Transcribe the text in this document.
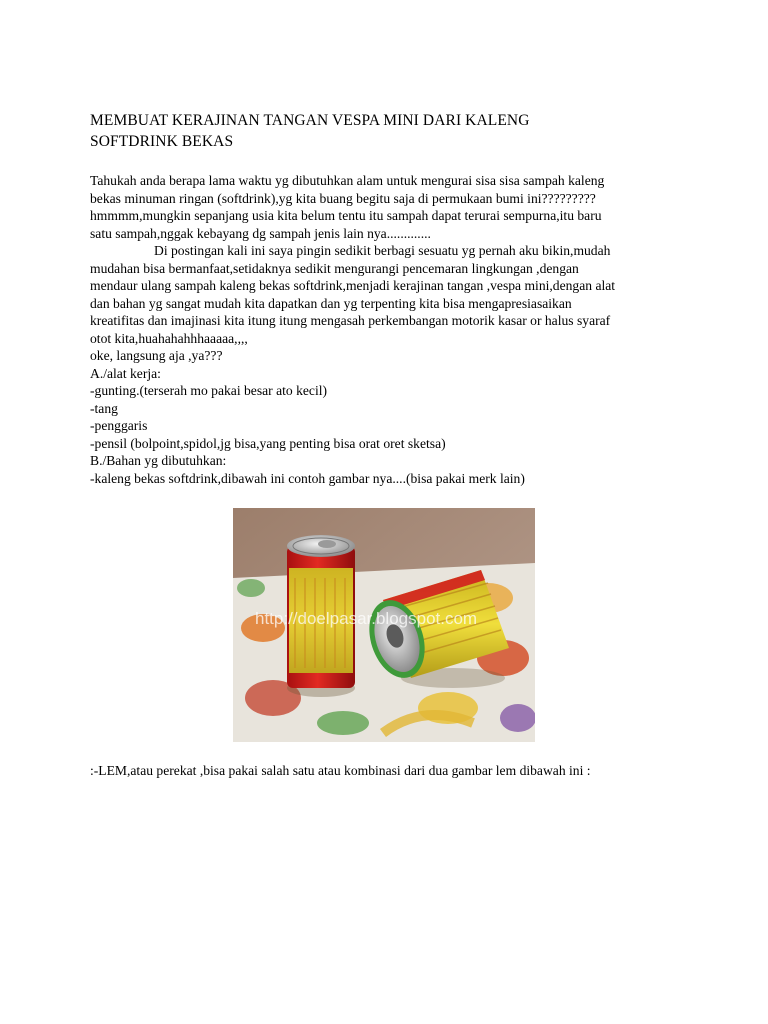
MEMBUAT KERAJINAN TANGAN VESPA MINI DARI KALENG
SOFTDRINK BEKAS
Tahukah anda berapa lama waktu yg dibutuhkan alam untuk mengurai sisa sisa sampah kaleng
bekas minuman ringan (softdrink),yg kita buang begitu saja di permukaan bumi ini?????????
hmmmm,mungkin sepanjang usia kita belum tentu itu sampah dapat terurai sempurna,itu baru
satu sampah,nggak kebayang dg sampah jenis lain nya.............
Di postingan kali ini saya pingin sedikit berbagi sesuatu yg pernah aku bikin,mudah
mudahan bisa bermanfaat,setidaknya sedikit mengurangi pencemaran lingkungan ,dengan
mendaur ulang sampah kaleng bekas softdrink,menjadi kerajinan tangan ,vespa mini,dengan alat
dan bahan yg sangat mudah kita dapatkan dan yg terpenting kita bisa mengapresiasaikan
kreatifitas dan imajinasi kita itung itung mengasah perkembangan motorik kasar or halus syaraf
otot kita,huahahahhhaaaaa,,,,
oke, langsung aja ,ya???
A./alat kerja:
-gunting.(terserah mo pakai besar ato kecil)
-tang
-penggaris
-pensil (bolpoint,spidol,jg bisa,yang penting bisa orat oret sketsa)
B./Bahan yg dibutuhkan:
-kaleng bekas softdrink,dibawah ini contoh gambar nya....(bisa pakai merk lain)
http://doelpasar.blogspot.com
:-LEM,atau perekat ,bisa pakai salah satu atau kombinasi dari dua gambar lem dibawah ini :
